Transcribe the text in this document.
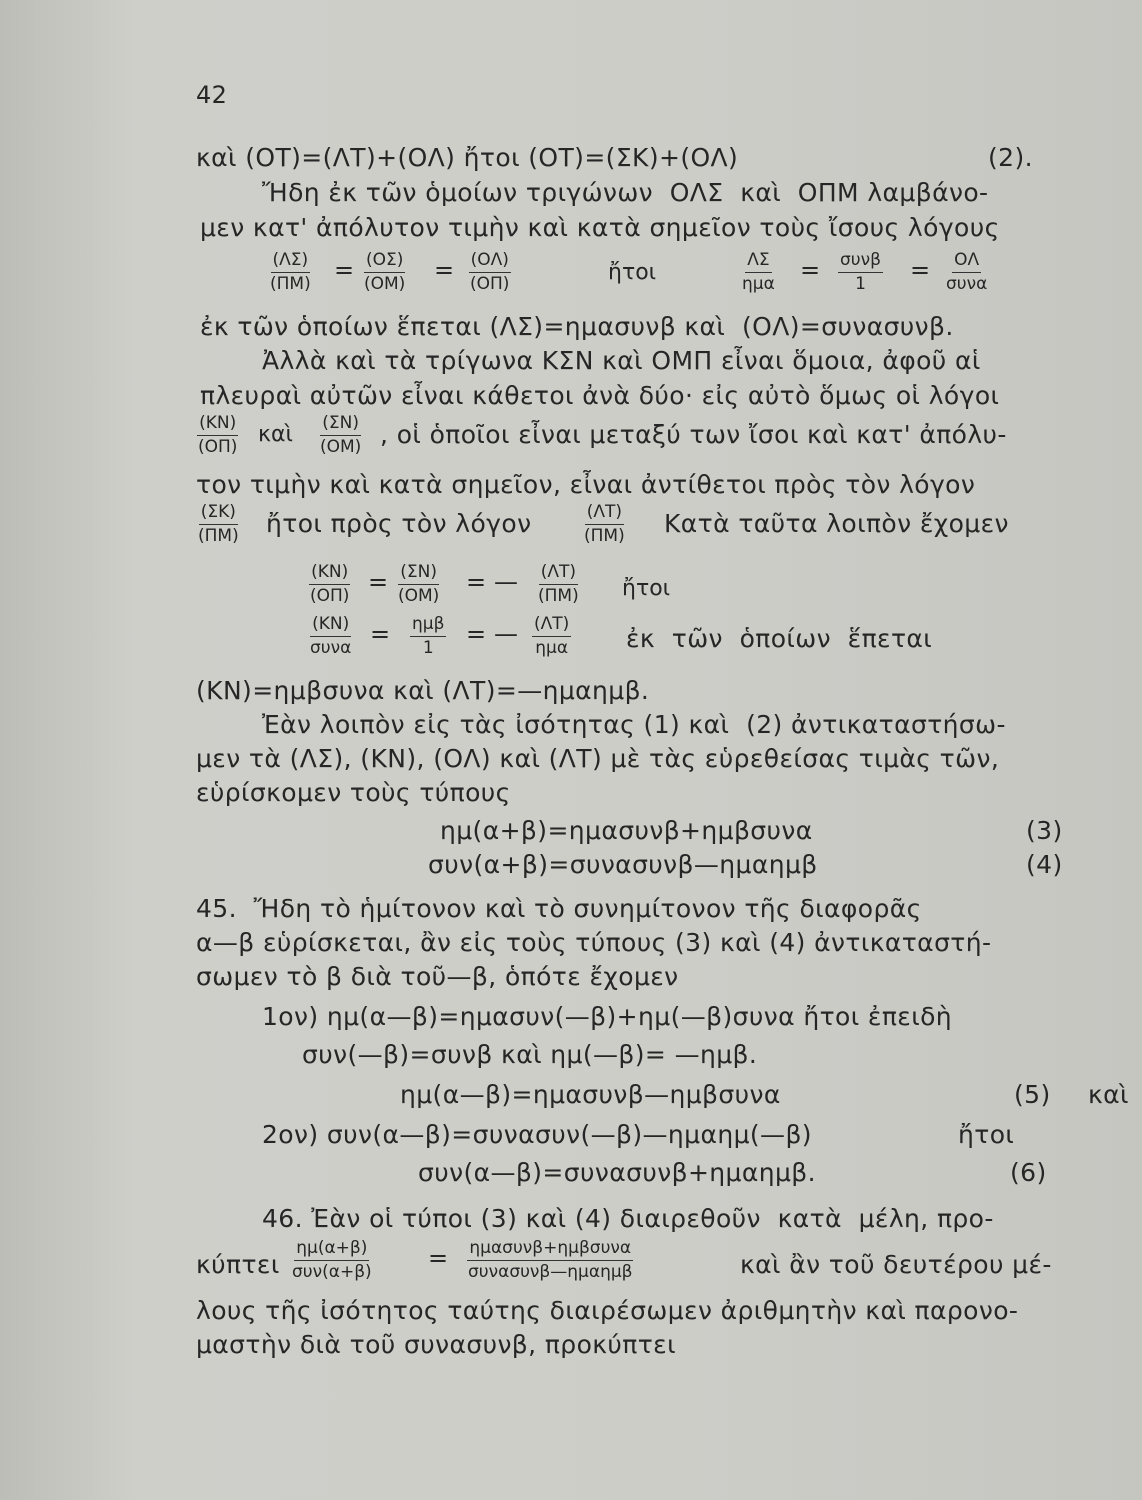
42
καὶ (ΟΤ)=(ΛΤ)+(ΟΛ) ἤτοι (ΟΤ)=(ΣΚ)+(ΟΛ)	(2).
Ἤδη ἐκ τῶν ὁμοίων τριγώνων  ΟΛΣ  καὶ  ΟΠΜ λαμβάνο-
μεν κατ' ἀπόλυτον τιμὴν καὶ κατὰ σημεῖον τοὺς ἴσους λόγους
$\frac{(\Lambda\Sigma)}{(\Pi M)} = \frac{(O\Sigma)}{(OM)} = \frac{(O\Lambda)}{(O\Pi)}$	ἤτοι	ΛΣ
ημα = συνβ
1 = ΟΛ
συνα
ἐκ τῶν ὁποίων ἕπεται (ΛΣ)=ημασυνβ καὶ  (ΟΛ)=συνασυνβ.
Ἀλλὰ καὶ τὰ τρίγωνα ΚΣΝ καὶ ΟΜΠ εἶναι ὅμοια, ἀφοῦ αἱ
πλευραὶ αὐτῶν εἶναι κάθετοι ἀνὰ δύο· εἰς αὐτὸ ὅμως οἱ λόγοι
$\frac{(KN)}{(O\Pi)}$ καὶ $\frac{(\Sigma N)}{(OM)}$ , οἱ ὁποῖοι εἶναι μεταξύ των ἴσοι καὶ κατ' ἀπόλυ-
τον τιμὴν καὶ κατὰ σημεῖον, εἶναι ἀντίθετοι πρὸς τὸν λόγον
$\frac{(\Sigma K)}{(\Pi M)}$ ἤτοι πρὸς τὸν λόγον	$\frac{(\Lambda T)}{(\Pi M)}$ Κατὰ ταῦτα λοιπὸν ἔχομεν
$\frac{(KN)}{(O\Pi)} = \frac{(\Sigma N)}{(OM)}$ = — $\frac{(\Lambda T)}{(\Pi M)}$ ἤτοι
(ΚΝ)
συνα = ημβ
1 = — (ΛΤ)
ημα ἐκ  τῶν  ὁποίων  ἕπεται
(ΚΝ)=ημβσυνα καὶ (ΛΤ)=—ημαημβ.
Ἐὰν λοιπὸν εἰς τὰς ἰσότητας (1) καὶ  (2) ἀντικαταστήσω-
μεν τὰ (ΛΣ), (ΚΝ), (ΟΛ) καὶ (ΛΤ) μὲ τὰς εὑρεθείσας τιμὰς τῶν,
εὑρίσκομεν τοὺς τύπους
ημ(α+β)=ημασυνβ+ημβσυνα	(3)
συν(α+β)=συνασυνβ—ημαημβ	(4)
45.  Ἤδη τὸ ἡμίτονον καὶ τὸ συνημίτονον τῆς διαφορᾶς
α—β εὑρίσκεται, ἂν εἰς τοὺς τύπους (3) καὶ (4) ἀντικαταστή-
σωμεν τὸ β διὰ τοῦ—β, ὁπότε ἔχομεν
1ον) ημ(α—β)=ημασυν(—β)+ημ(—β)συνα ἤτοι ἐπειδὴ
συν(—β)=συνβ καὶ ημ(—β)= —ημβ.
ημ(α—β)=ημασυνβ—ημβσυνα	(5) καὶ
2ον) συν(α—β)=συνασυν(—β)—ημαημ(—β)	ἤτοι
συν(α—β)=συνασυνβ+ημαημβ.	(6)
46. Ἐὰν οἱ τύποι (3) καὶ (4) διαιρεθοῦν  κατὰ  μέλη, προ-
κύπτει
ημ(α+β)
συν(α+β) = ημασυνβ+ημβσυνα
συνασυνβ—ημαημβ	καὶ ἂν τοῦ δευτέρου μέ-
λους τῆς ἰσότητος ταύτης διαιρέσωμεν ἀριθμητὴν καὶ παρονο-
μαστὴν διὰ τοῦ συνασυνβ, προκύπτει
